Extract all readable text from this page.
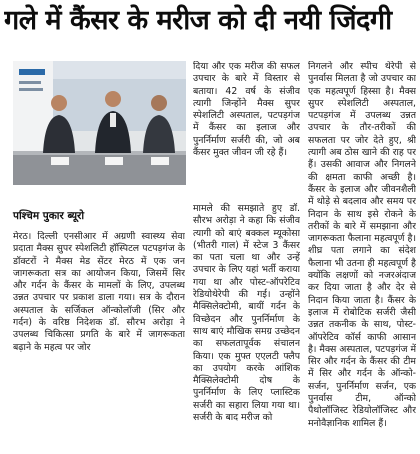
गले में कैंसर के मरीज को दी नयी जिंदगी
पश्चिम पुकार ब्यूरो
मेरठ। दिल्ली एनसीआर में अग्रणी स्वास्थ्य सेवा प्रदाता मैक्स सुपर स्पेशलिटी हॉस्पिटल पटपड़गंज के डॉक्टरों ने मैक्स मेड सेंटर मेरठ में एक जन जागरूकता सत्र का आयोजन किया, जिसमें सिर और गर्दन के कैंसर के मामलों के लिए, उपलब्ध उन्नत उपचार पर प्रकाश डाला गया। सत्र के दौरान अस्पताल के सर्जिकल ऑन्कोलॉजी (सिर और गर्दन) के वरिष्ठ निदेशक डॉ. सौरभ अरोड़ा ने उपलब्ध चिकित्सा प्रगति के बारे में जागरूकता बढ़ाने के महत्व पर जोर
दिया और एक मरीज की सफल उपचार के बारे में विस्तार से बताया। 42 वर्ष के संजीव त्यागी जिन्होंने मैक्स सुपर स्पेशलिटी अस्पताल, पटपड़गंज में कैंसर का इलाज और पुनर्निर्माण सर्जरी की, जो अब कैंसर मुक्त जीवन जी रहे हैं।
मामले की समझाते हुए डॉ. सौरभ अरोड़ा ने कहा कि संजीव त्यागी को बाएं बक्कल म्यूकोसा (भीतरी गाल) में स्टेज 3 कैंसर का पता चला था और उन्हें उपचार के लिए यहां भर्ती कराया गया था और पोस्ट-ऑपरेटिव रेडियोथेरेपी की गई। उन्होंने मैक्सिलेक्टोमी, बायीं गर्दन के विच्छेदन और पुनर्निर्माण के साथ बाएं मौखिक समग्र उच्छेदन का सफलतापूर्वक संचालन किया। एक मुफ्त एएलटी फ्लैप का उपयोग करके आंशिक मैक्सिलेक्टोमी दोष के पुनर्निर्माण के लिए प्लास्टिक सर्जरी का सहारा लिया गया था। सर्जरी के बाद मरीज को
निगलने और स्पीच थेरेपी से पुनर्वास मिलता है जो उपचार का एक महत्वपूर्ण हिस्सा है। मैक्स सुपर स्पेशलिटी अस्पताल, पटपड़गंज में उपलब्ध उन्नत उपचार के तौर-तरीकों की सफलता पर जोर देते हुए, श्री त्यागी अब ठोस खाने की राह पर हैं। उसकी आवाज और निगलने की क्षमता काफी अच्छी है। कैंसर के इलाज और जीवनशैली में थोड़े से बदलाव और समय पर निदान के साथ इसे रोकने के तरीकों के बारे में समझाना और जागरूकता फैलाना महत्वपूर्ण है। शीघ्र पता लगाने का संदेश फैलाना भी उतना ही महत्वपूर्ण है क्योंकि लक्षणों को नजरअंदाज कर दिया जाता है और देर से निदान किया जाता है। कैंसर के इलाज में रोबोटिक सर्जरी जैसी उन्नत तकनीक के साथ, पोस्ट-ऑपरेटिव कॉर्स काफी आसान है। मैक्स अस्पताल, पटपड़गंज में सिर और गर्दन के कैंसर की टीम में सिर और गर्दन के ऑन्को-सर्जन, पुनर्निर्माण सर्जन, एक पुनर्वास टीम, ऑन्को पैथोलॉजिस्ट रेडियोलॉजिस्ट और मनोवैज्ञानिक शामिल हैं।
